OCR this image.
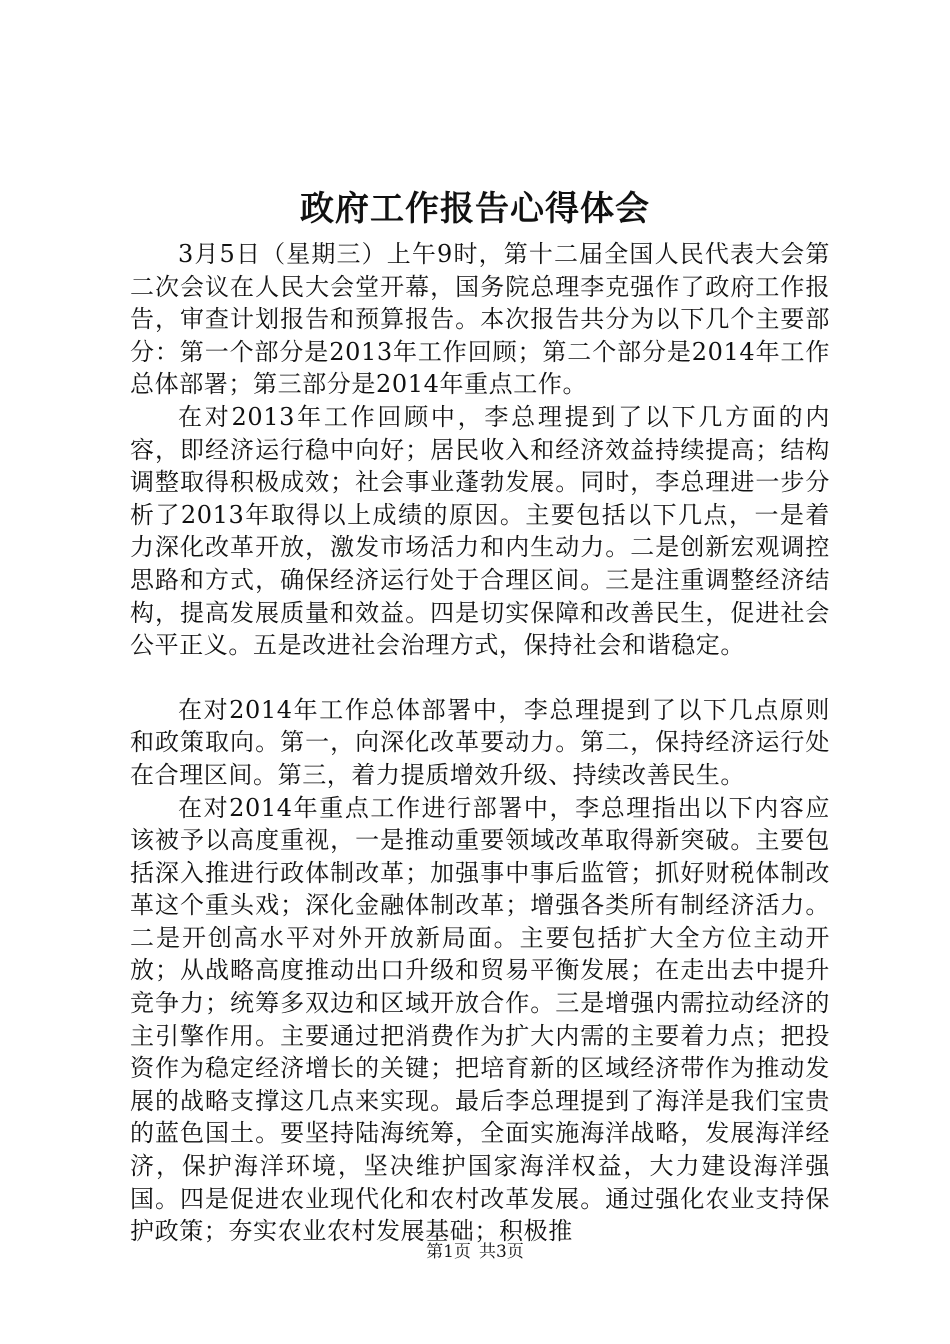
政府工作报告心得体会

3月5日（星期三）上午9时，第十二届全国人民代表大会第二次会议在人民大会堂开幕，国务院总理李克强作了政府工作报告，审查计划报告和预算报告。本次报告共分为以下几个主要部分：第一个部分是2013年工作回顾；第二个部分是2014年工作总体部署；第三部分是2014年重点工作。

在对2013年工作回顾中，李总理提到了以下几方面的内容，即经济运行稳中向好；居民收入和经济效益持续提高；结构调整取得积极成效；社会事业蓬勃发展。同时，李总理进一步分析了2013年取得以上成绩的原因。主要包括以下几点，一是着力深化改革开放，激发市场活力和内生动力。二是创新宏观调控思路和方式，确保经济运行处于合理区间。三是注重调整经济结构，提高发展质量和效益。四是切实保障和改善民生，促进社会公平正义。五是改进社会治理方式，保持社会和谐稳定。

在对2014年工作总体部署中，李总理提到了以下几点原则和政策取向。第一，向深化改革要动力。第二，保持经济运行处在合理区间。第三，着力提质增效升级、持续改善民生。

在对2014年重点工作进行部署中，李总理指出以下内容应该被予以高度重视，一是推动重要领域改革取得新突破。主要包括深入推进行政体制改革；加强事中事后监管；抓好财税体制改革这个重头戏；深化金融体制改革；增强各类所有制经济活力。二是开创高水平对外开放新局面。主要包括扩大全方位主动开放；从战略高度推动出口升级和贸易平衡发展；在走出去中提升竞争力；统筹多双边和区域开放合作。三是增强内需拉动经济的主引擎作用。主要通过把消费作为扩大内需的主要着力点；把投资作为稳定经济增长的关键；把培育新的区域经济带作为推动发展的战略支撑这几点来实现。最后李总理提到了海洋是我们宝贵的蓝色国土。要坚持陆海统筹，全面实施海洋战略，发展海洋经济，保护海洋环境，坚决维护国家海洋权益，大力建设海洋强国。四是促进农业现代化和农村改革发展。通过强化农业支持保护政策；夯实农业农村发展基础；积极推

第1页 共3页
